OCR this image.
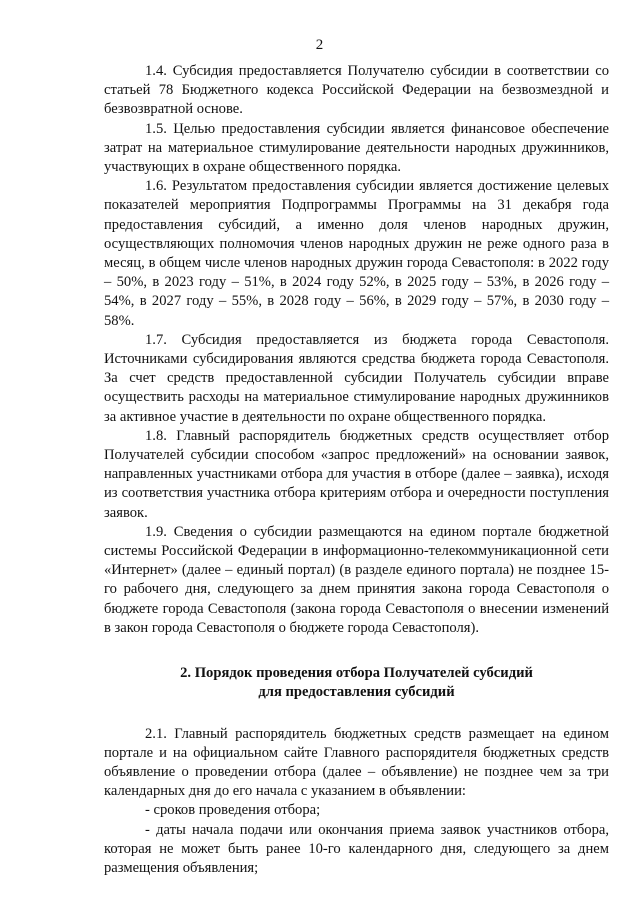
2

1.4. Субсидия предоставляется Получателю субсидии в соответствии со статьей 78 Бюджетного кодекса Российской Федерации на безвозмездной и безвозвратной основе.

1.5. Целью предоставления субсидии является финансовое обеспечение затрат на материальное стимулирование деятельности народных дружинников, участвующих в охране общественного порядка.

1.6. Результатом предоставления субсидии является достижение целевых показателей мероприятия Подпрограммы Программы на 31 декабря года предоставления субсидий, а именно доля членов народных дружин, осуществляющих полномочия членов народных дружин не реже одного раза в месяц, в общем числе членов народных дружин города Севастополя: в 2022 году – 50%, в 2023 году – 51%, в 2024 году 52%, в 2025 году – 53%, в 2026 году – 54%, в 2027 году – 55%, в 2028 году – 56%, в 2029 году – 57%, в 2030 году – 58%.

1.7. Субсидия предоставляется из бюджета города Севастополя. Источниками субсидирования являются средства бюджета города Севастополя. За счет средств предоставленной субсидии Получатель субсидии вправе осуществить расходы на материальное стимулирование народных дружинников за активное участие в деятельности по охране общественного порядка.

1.8. Главный распорядитель бюджетных средств осуществляет отбор Получателей субсидии способом «запрос предложений» на основании заявок, направленных участниками отбора для участия в отборе (далее – заявка), исходя из соответствия участника отбора критериям отбора и очередности поступления заявок.

1.9. Сведения о субсидии размещаются на едином портале бюджетной системы Российской Федерации в информационно-телекоммуникационной сети «Интернет» (далее – единый портал) (в разделе единого портала) не позднее 15-го рабочего дня, следующего за днем принятия закона города Севастополя о бюджете города Севастополя (закона города Севастополя о внесении изменений в закон города Севастополя о бюджете города Севастополя).

2. Порядок проведения отбора Получателей субсидий
для предоставления субсидий

2.1. Главный распорядитель бюджетных средств размещает на едином портале и на официальном сайте Главного распорядителя бюджетных средств объявление о проведении отбора (далее – объявление) не позднее чем за три календарных дня до его начала с указанием в объявлении:

- сроков проведения отбора;

- даты начала подачи или окончания приема заявок участников отбора, которая не может быть ранее 10-го календарного дня, следующего за днем размещения объявления;
